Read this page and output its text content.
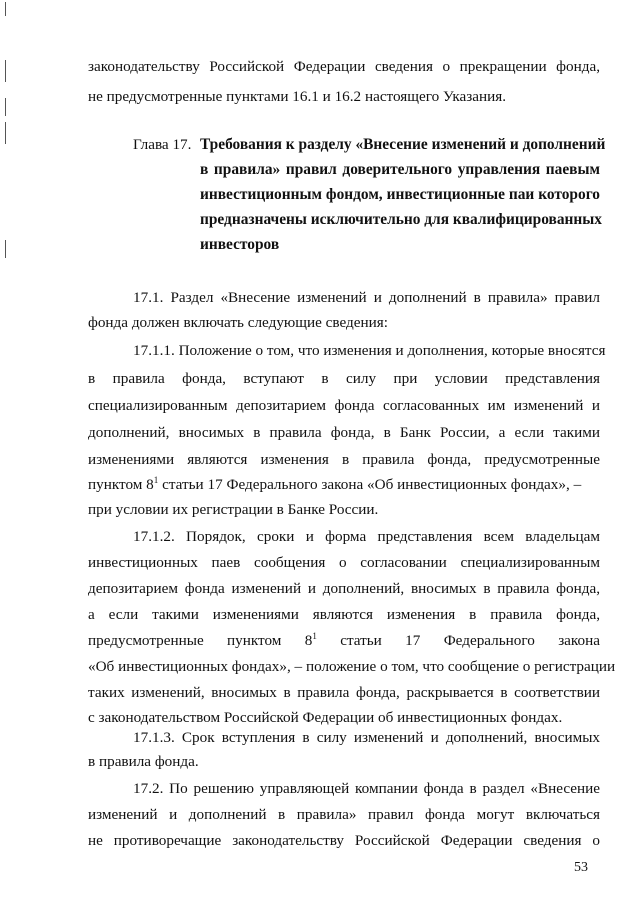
законодательству Российской Федерации сведения о прекращении фонда,
не предусмотренные пунктами 16.1 и 16.2 настоящего Указания.
Глава 17. Требования к разделу «Внесение изменений и дополнений
в правила» правил доверительного управления паевым
инвестиционным фондом, инвестиционные паи которого
предназначены исключительно для квалифицированных
инвесторов
17.1. Раздел «Внесение изменений и дополнений в правила» правил
фонда должен включать следующие сведения:
17.1.1. Положение о том, что изменения и дополнения, которые вносятся
в правила фонда, вступают в силу при условии представления
специализированным депозитарием фонда согласованных им изменений и
дополнений, вносимых в правила фонда, в Банк России, а если такими
изменениями являются изменения в правила фонда, предусмотренные
пунктом $8^1$ статьи 17 Федерального закона «Об инвестиционных фондах», –
при условии их регистрации в Банке России.
17.1.2. Порядок, сроки и форма представления всем владельцам
инвестиционных паев сообщения о согласовании специализированным
депозитарием фонда изменений и дополнений, вносимых в правила фонда,
а если такими изменениями являются изменения в правила фонда,
предусмотренные пунктом $8^1$ статьи 17 Федерального закона
«Об инвестиционных фондах», – положение о том, что сообщение о регистрации
таких изменений, вносимых в правила фонда, раскрывается в соответствии
с законодательством Российской Федерации об инвестиционных фондах.
17.1.3. Срок вступления в силу изменений и дополнений, вносимых
в правила фонда.
17.2. По решению управляющей компании фонда в раздел «Внесение
изменений и дополнений в правила» правил фонда могут включаться
не противоречащие законодательству Российской Федерации сведения о
53
